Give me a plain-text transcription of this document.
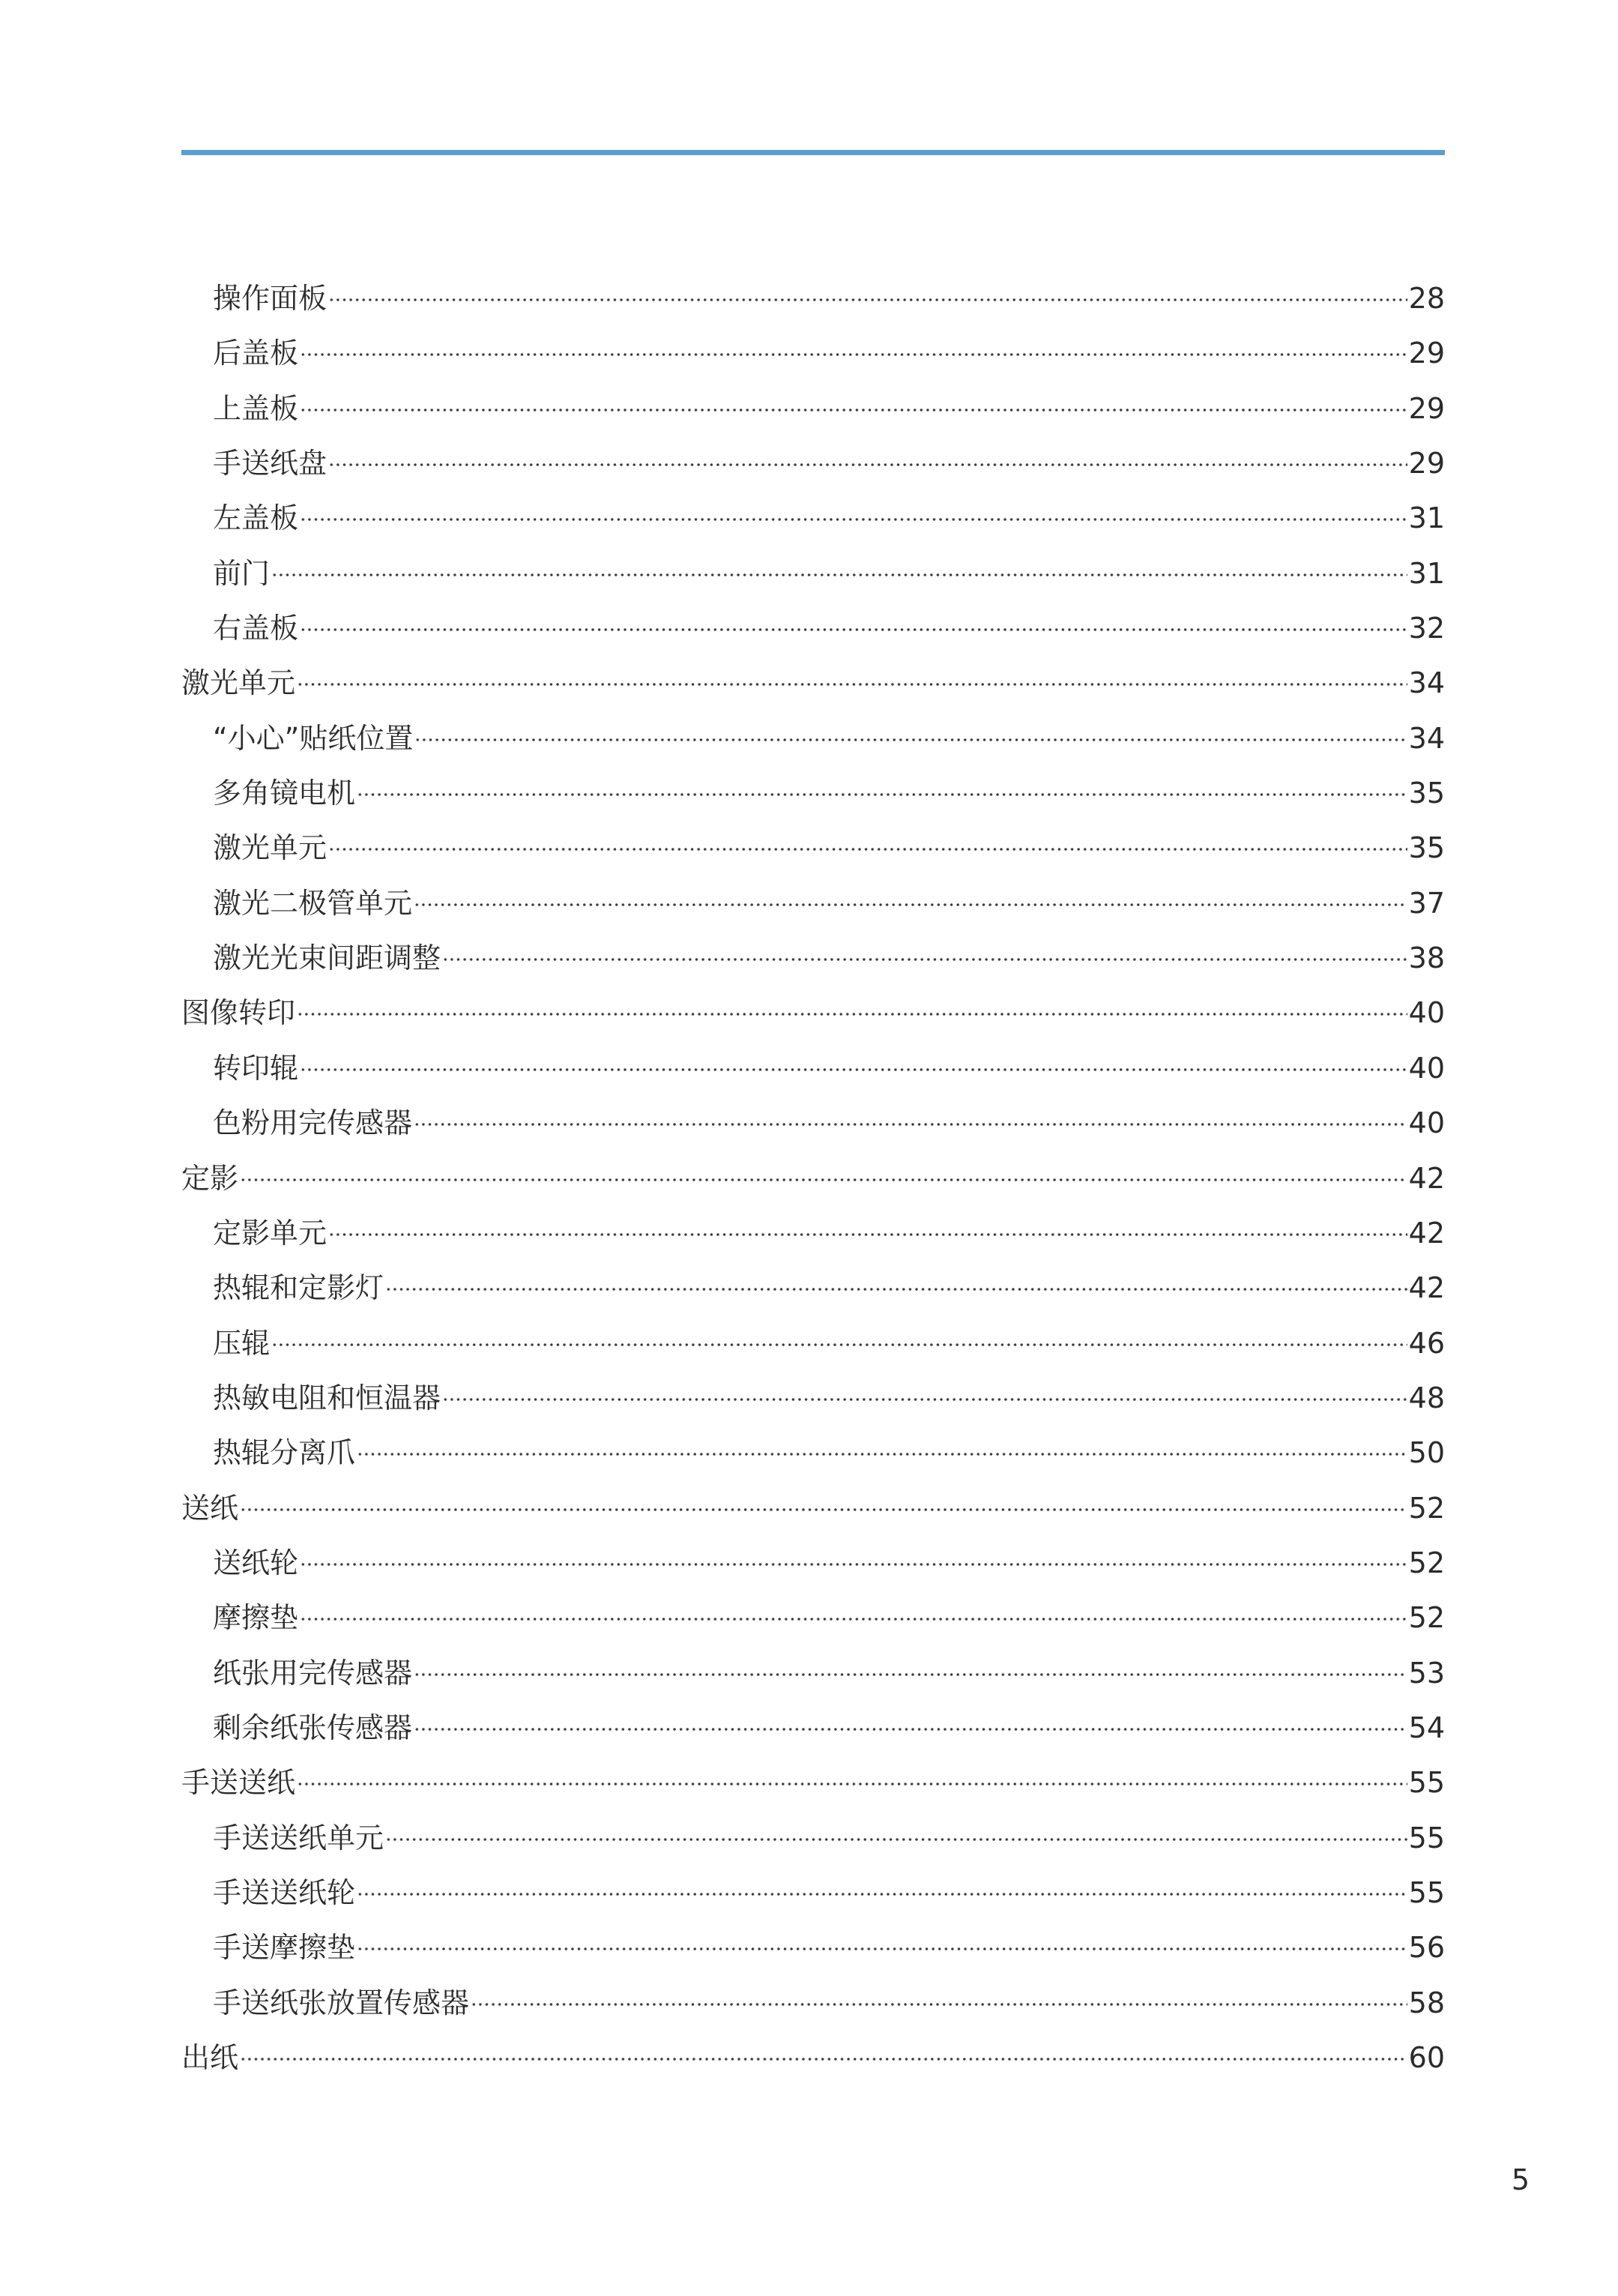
操作面板	28
后盖板	29
上盖板	29
手送纸盘	29
左盖板	31
前门	31
右盖板	32
激光单元	34
“小心”贴纸位置	34
多角镜电机	35
激光单元	35
激光二极管单元	37
激光光束间距调整	38
图像转印	40
转印辊	40
色粉用完传感器	40
定影	42
定影单元	42
热辊和定影灯	42
压辊	46
热敏电阻和恒温器	48
热辊分离爪	50
送纸	52
送纸轮	52
摩擦垫	52
纸张用完传感器	53
剩余纸张传感器	54
手送送纸	55
手送送纸单元	55
手送送纸轮	55
手送摩擦垫	56
手送纸张放置传感器	58
出纸	60
5
